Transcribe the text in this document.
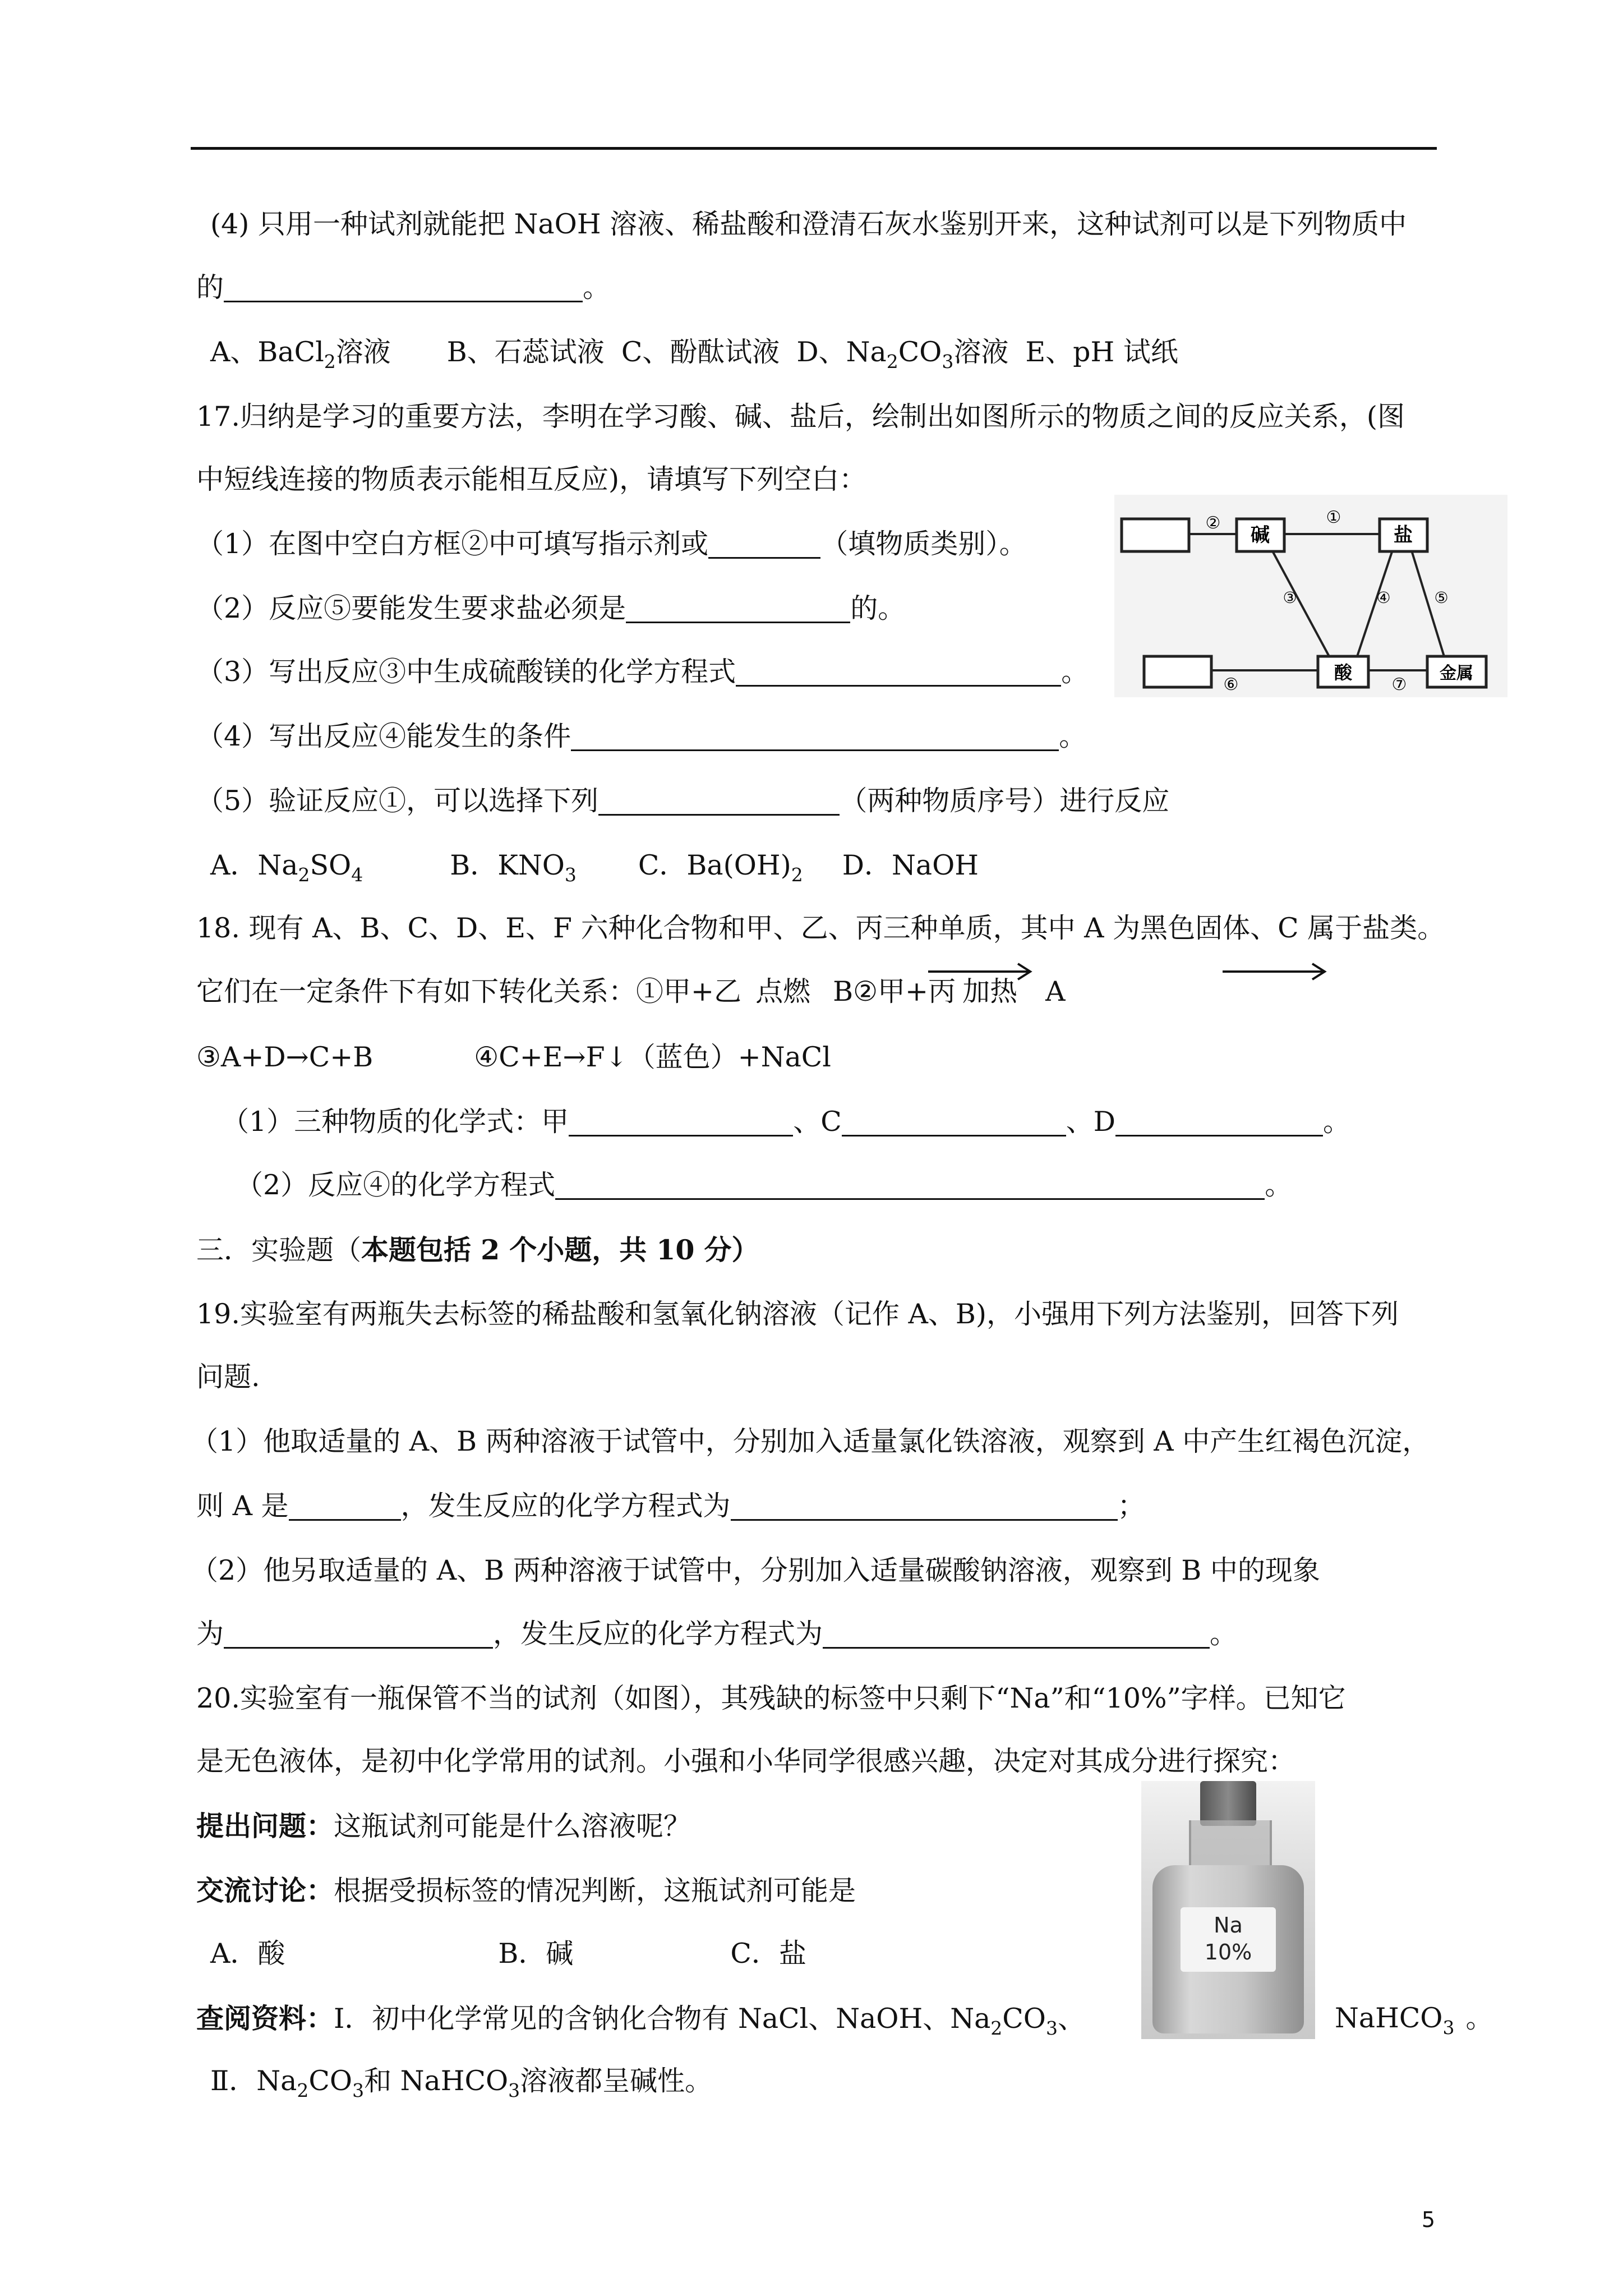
(4) 只用一种试剂就能把 NaOH 溶液、稀盐酸和澄清石灰水鉴别开来，这种试剂可以是下列物质中
的	。
A、BaCl$_2$溶液 B、石蕊试液 C、酚酞试液 D、$Na_2CO_3$溶液 E、pH 试纸
17.归纳是学习的重要方法，李明在学习酸、碱、盐后，绘制出如图所示的物质之间的反应关系，(图
中短线连接的物质表示能相互反应)，请填写下列空白：
（1）在图中空白方框②中可填写指示剂或	（填物质类别）。
（2）反应⑤要能发生要求盐必须是	的。
（3）写出反应③中生成硫酸镁的化学方程式	。
（4）写出反应④能发生的条件	。
（5）验证反应①，可以选择下列	（两种物质序号）进行反应
A．$Na_2SO_4$	B．$KNO_3$ C．$Ba(OH)_2$ D．NaOH
碱	盐
酸	金属
①
②
③	④	⑤
⑥	⑦
18. 现有 A、B、C、D、E、F 六种化合物和甲、乙、丙三种单质，其中 A 为黑色固体、C 属于盐类。
它们在一定条件下有如下转化关系：①甲+乙 点燃 B②甲+丙 加热 A
③A+D→C+B	④C+E→F↓（蓝色）+NaCl
（1）三种物质的化学式：甲	、C	、D	。
（2）反应④的化学方程式	。
三．实验题（本题包括 2 个小题，共 10 分）
19.实验室有两瓶失去标签的稀盐酸和氢氧化钠溶液（记作 A、B)，小强用下列方法鉴别，回答下列
问题.
（1）他取适量的 A、B 两种溶液于试管中，分别加入适量氯化铁溶液，观察到 A 中产生红褐色沉淀，
则 A 是	，发生反应的化学方程式为	；
（2）他另取适量的 A、B 两种溶液于试管中，分别加入适量碳酸钠溶液，观察到 B 中的现象
为	，发生反应的化学方程式为	。
20.实验室有一瓶保管不当的试剂（如图），其残缺的标签中只剩下“Na”和“10%”字样。已知它
是无色液体，是初中化学常用的试剂。小强和小华同学很感兴趣，决定对其成分进行探究：
提出问题：这瓶试剂可能是什么溶液呢？
交流讨论：根据受损标签的情况判断，这瓶试剂可能是
A．酸	B．碱	C．盐
查阅资料：Ⅰ．初中化学常见的含钠化合物有 NaCl、NaOH、$Na_2CO_3$、	NaHCO$_3$ 。
Ⅱ．$Na_2CO_3$和 NaHCO$_3$溶液都呈碱性。
Na
10%
5
